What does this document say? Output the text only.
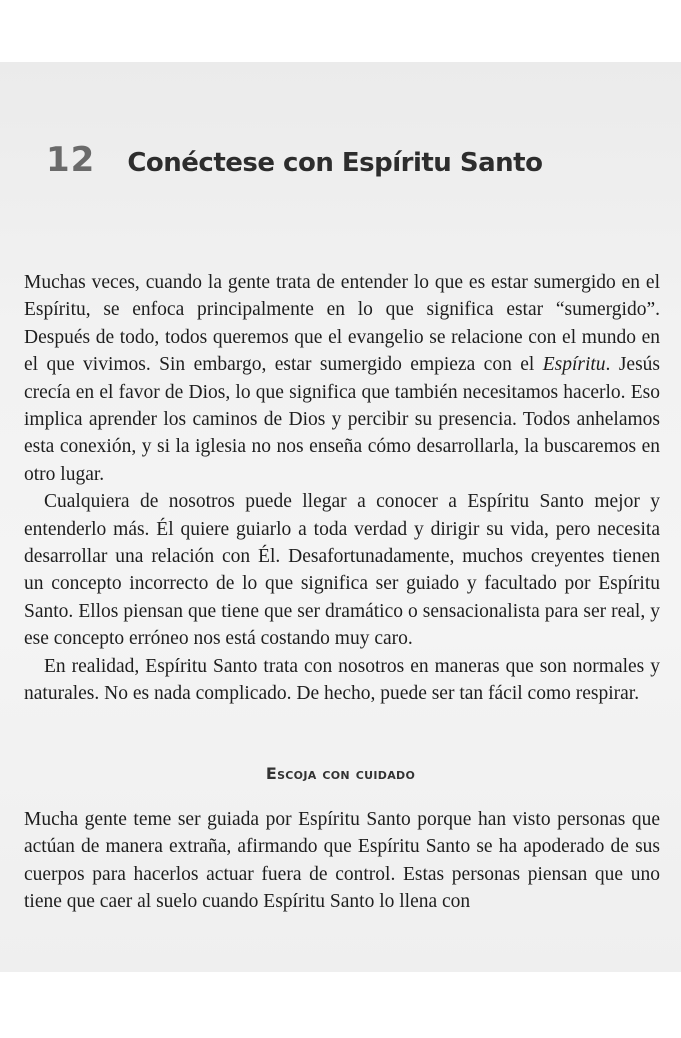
12 Conéctese con Espíritu Santo

Muchas veces, cuando la gente trata de entender lo que es estar sumergido en el Espíritu, se enfoca principalmente en lo que significa estar “sumergido”. Después de todo, todos queremos que el evangelio se relacione con el mundo en el que vivimos. Sin embargo, estar sumergido empieza con el Espíritu. Jesús crecía en el favor de Dios, lo que significa que también necesitamos hacerlo. Eso implica aprender los caminos de Dios y percibir su presencia. Todos anhelamos esta conexión, y si la iglesia no nos enseña cómo desarrollarla, la buscaremos en otro lugar.

Cualquiera de nosotros puede llegar a conocer a Espíritu Santo mejor y entenderlo más. Él quiere guiarlo a toda verdad y dirigir su vida, pero necesita desarrollar una relación con Él. Desafortunadamente, muchos creyentes tienen un concepto incorrecto de lo que significa ser guiado y facultado por Espíritu Santo. Ellos piensan que tiene que ser dramático o sensacionalista para ser real, y ese concepto erróneo nos está costando muy caro.

En realidad, Espíritu Santo trata con nosotros en maneras que son normales y naturales. No es nada complicado. De hecho, puede ser tan fácil como respirar.

Escoja con cuidado

Mucha gente teme ser guiada por Espíritu Santo porque han visto personas que actúan de manera extraña, afirmando que Espíritu Santo se ha apoderado de sus cuerpos para hacerlos actuar fuera de control. Estas personas piensan que uno tiene que caer al suelo cuando Espíritu Santo lo llena con
